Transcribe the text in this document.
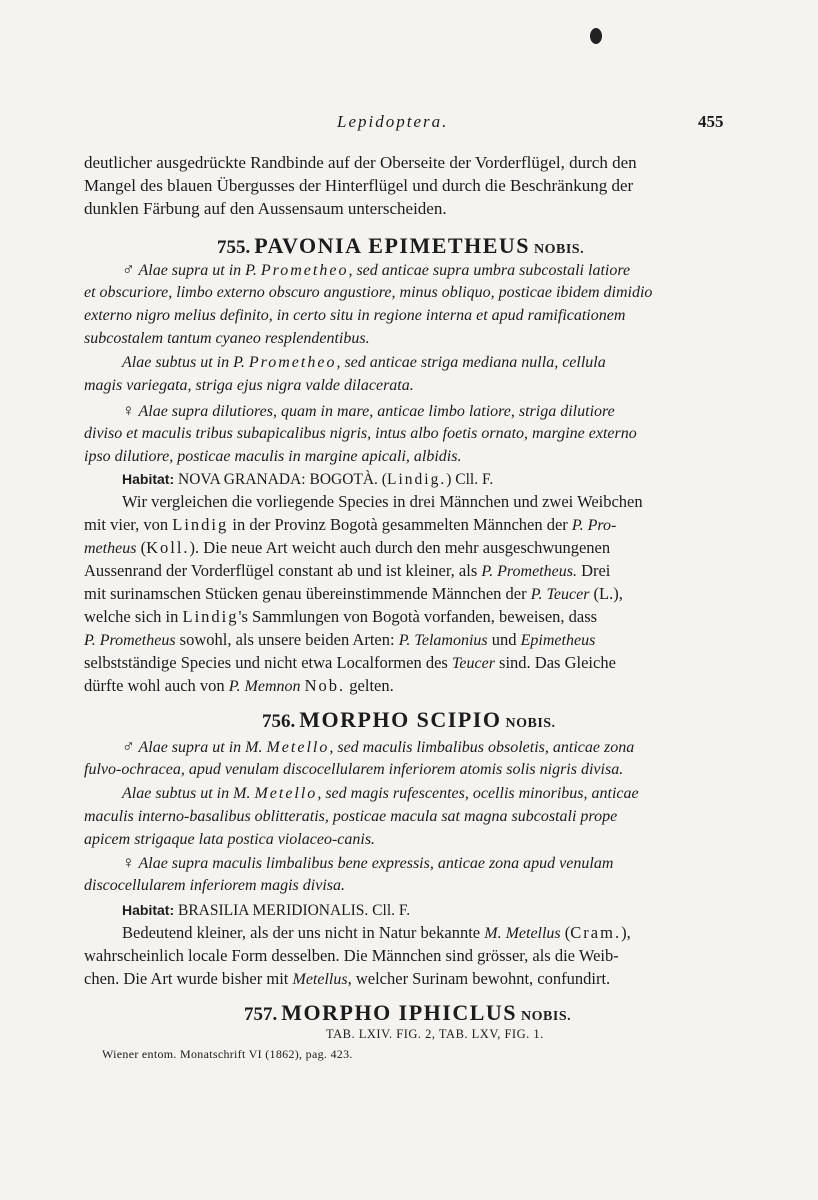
Lepidoptera.	455
deutlicher ausgedrückte Randbinde auf der Oberseite der Vorderflügel, durch den
Mangel des blauen Übergusses der Hinterflügel und durch die Beschränkung der
dunklen Färbung auf den Aussensaum unterscheiden.
755. PAVONIA EPIMETHEUS NOBIS.
♂ Alae supra ut in P. Prometheo, sed anticae supra umbra subcostali latiore
et obscuriore, limbo externo obscuro angustiore, minus obliquo, posticae ibidem dimidio
externo nigro melius definito, in certo situ in regione interna et apud ramificationem
subcostalem tantum cyaneo resplendentibus.
Alae subtus ut in P. Prometheo, sed anticae striga mediana nulla, cellula
magis variegata, striga ejus nigra valde dilacerata.
♀ Alae supra dilutiores, quam in mare, anticae limbo latiore, striga dilutiore
diviso et maculis tribus subapicalibus nigris, intus albo foetis ornato, margine externo
ipso dilutiore, posticae maculis in margine apicali, albidis.
Habitat: NOVA GRANADA: BOGOTÀ. (Lindig.) Cll. F.
Wir vergleichen die vorliegende Species in drei Männchen und zwei Weibchen
mit vier, von Lindig in der Provinz Bogotà gesammelten Männchen der P. Pro-
metheus (Koll.). Die neue Art weicht auch durch den mehr ausgeschwungenen
Aussenrand der Vorderflügel constant ab und ist kleiner, als P. Prometheus. Drei
mit surinamschen Stücken genau übereinstimmende Männchen der P. Teucer (L.),
welche sich in Lindig's Sammlungen von Bogotà vorfanden, beweisen, dass
P. Prometheus sowohl, als unsere beiden Arten: P. Telamonius und Epimetheus
selbstständige Species und nicht etwa Localformen des Teucer sind. Das Gleiche
dürfte wohl auch von P. Memnon Nob. gelten.
756. MORPHO SCIPIO NOBIS.
♂ Alae supra ut in M. Metello, sed maculis limbalibus obsoletis, anticae zona
fulvo-ochracea, apud venulam discocellularem inferiorem atomis solis nigris divisa.
Alae subtus ut in M. Metello, sed magis rufescentes, ocellis minoribus, anticae
maculis interno-basalibus oblitteratis, posticae macula sat magna subcostali prope
apicem strigaque lata postica violaceo-canis.
♀ Alae supra maculis limbalibus bene expressis, anticae zona apud venulam
discocellularem inferiorem magis divisa.
Habitat: BRASILIA MERIDIONALIS. Cll. F.
Bedeutend kleiner, als der uns nicht in Natur bekannte M. Metellus (Cram.),
wahrscheinlich locale Form desselben. Die Männchen sind grösser, als die Weib-
chen. Die Art wurde bisher mit Metellus, welcher Surinam bewohnt, confundirt.
757. MORPHO IPHICLUS NOBIS.
TAB. LXIV. FIG. 2, TAB. LXV, FIG. 1.
Wiener entom. Monatschrift VI (1862), pag. 423.
